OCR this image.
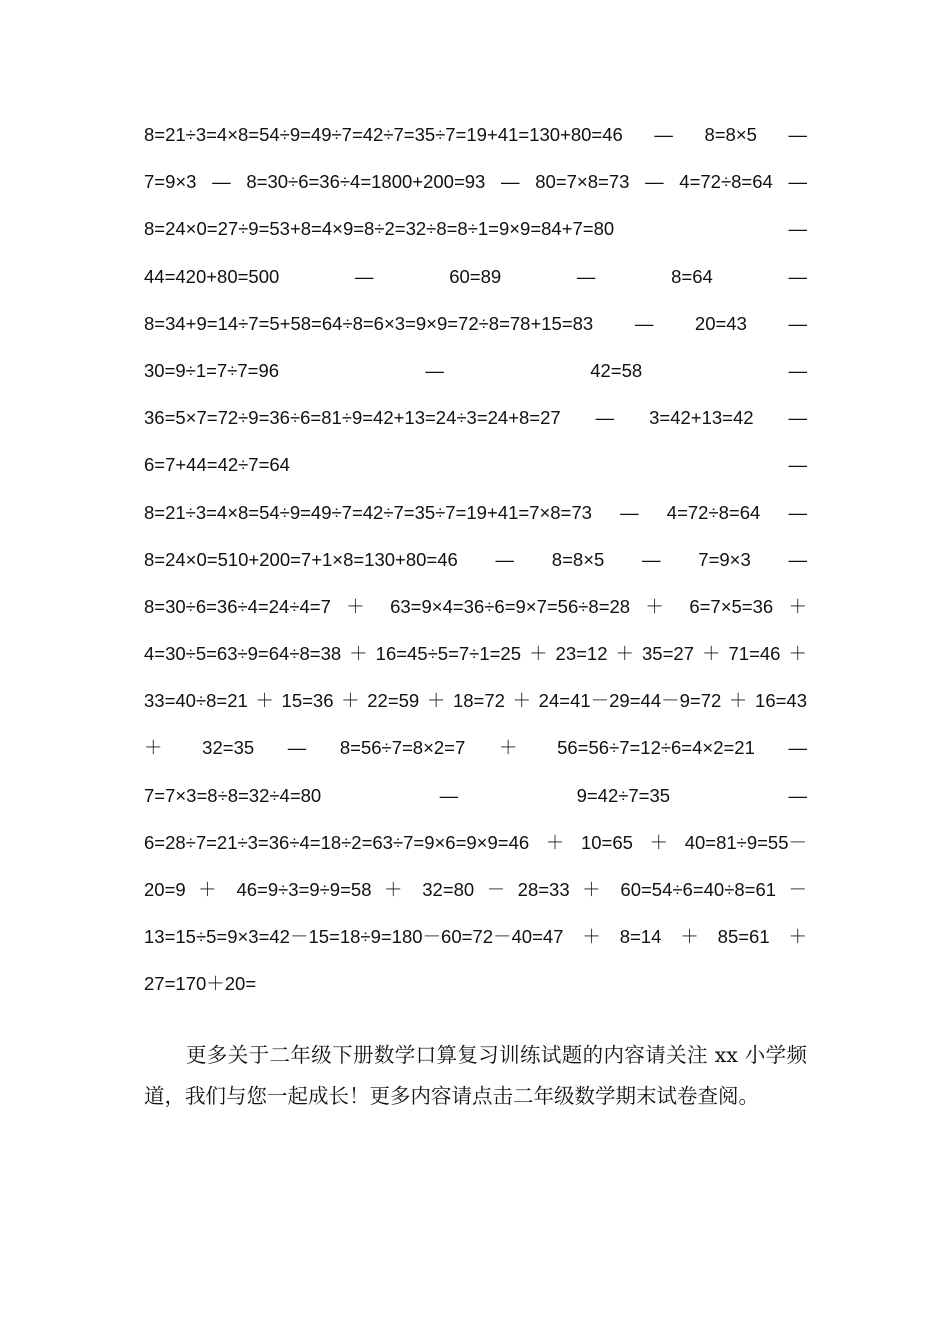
8=21÷3=4×8=54÷9=49÷7=42÷7=35÷7=19+41=130+80=46  —  8=8×5  —
7=9×3 — 8=30÷6=36÷4=1800+200=93 — 80=7×8=73 — 4=72÷8=64 —
8=24×0=27÷9=53+8=4×9=8÷2=32÷8=8÷1=9×9=84+7=80                    —
44=420+80=500          —          60=89          —          8=64          —
8=34+9=14÷7=5+58=64÷8=6×3=9×9=72÷8=78+15=83   —   20=43   —
30=9÷1=7÷7=96                    —                    42=58                    —
36=5×7=72÷9=36÷6=81÷9=42+13=24÷3=24+8=27  —  3=42+13=42  —
6=7+44=42÷7=64                                                                        —
8=21÷3=4×8=54÷9=49÷7=42÷7=35÷7=19+41=7×8=73  —  4=72÷8=64  —
8=24×0=510+200=7+1×8=130+80=46    —    8=8×5    —    7=9×3    —
8=30÷6=36÷4=24÷4=7 ＋ 63=9×4=36÷6=9×7=56÷8=28 ＋ 6=7×5=36 ＋
4=30÷5=63÷9=64÷8=38＋16=45÷5=7÷1=25＋23=12＋35=27＋71=46＋
33=40÷8=21＋15=36＋22=59＋18=72＋24=41－29=44－9=72＋16=43
＋   32=35   —   8=56÷7=8×2=7   ＋   56=56÷7=12÷6=4×2=21   —
7=7×3=8÷8=32÷4=80                  —                  9=42÷7=35                  —
6=28÷7=21÷3=36÷4=18÷2=63÷7=9×6=9×9=46＋10=65＋40=81÷9=55－
20=9 ＋ 46=9÷3=9÷9=58 ＋ 32=80 － 28=33 ＋ 60=54÷6=40÷8=61 －
13=15÷5=9×3=42－15=18÷9=180－60=72－40=47＋8=14＋85=61＋
27=170＋20=

更多关于二年级下册数学口算复习训练试题的内容请关注 xx 小学频道，我们与您一起成长！更多内容请点击二年级数学期末试卷查阅。
